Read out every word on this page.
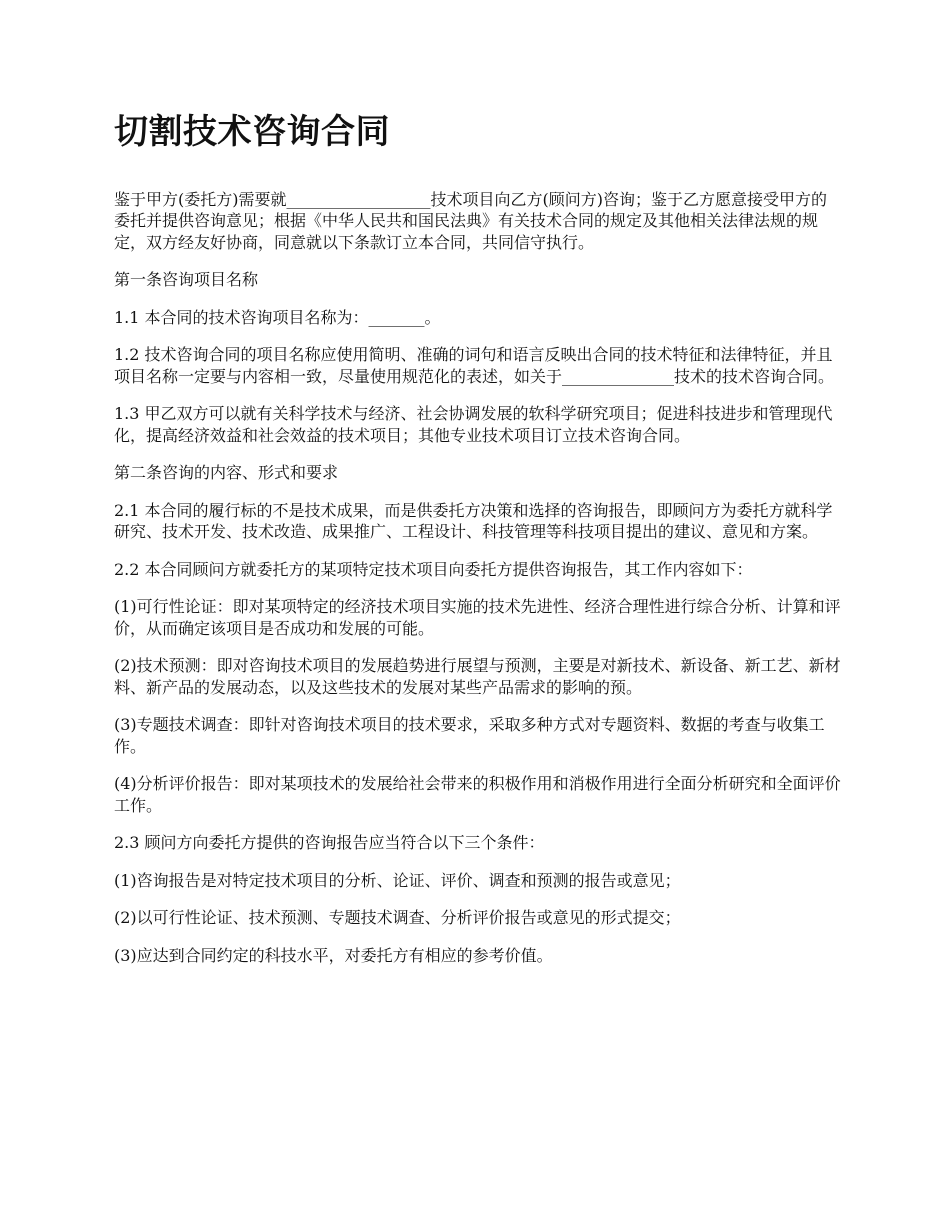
切割技术咨询合同

鉴于甲方(委托方)需要就__________________技术项目向乙方(顾问方)咨询；鉴于乙方愿意接受甲方的委托并提供咨询意见；根据《中华人民共和国民法典》有关技术合同的规定及其他相关法律法规的规定，双方经友好协商，同意就以下条款订立本合同，共同信守执行。

第一条咨询项目名称

1.1 本合同的技术咨询项目名称为：_______。

1.2 技术咨询合同的项目名称应使用简明、准确的词句和语言反映出合同的技术特征和法律特征，并且项目名称一定要与内容相一致，尽量使用规范化的表述，如关于______________技术的技术咨询合同。

1.3 甲乙双方可以就有关科学技术与经济、社会协调发展的软科学研究项目；促进科技进步和管理现代化，提高经济效益和社会效益的技术项目；其他专业技术项目订立技术咨询合同。

第二条咨询的内容、形式和要求

2.1 本合同的履行标的不是技术成果，而是供委托方决策和选择的咨询报告，即顾问方为委托方就科学研究、技术开发、技术改造、成果推广、工程设计、科技管理等科技项目提出的建议、意见和方案。

2.2 本合同顾问方就委托方的某项特定技术项目向委托方提供咨询报告，其工作内容如下：

(1)可行性论证：即对某项特定的经济技术项目实施的技术先进性、经济合理性进行综合分析、计算和评价，从而确定该项目是否成功和发展的可能。

(2)技术预测：即对咨询技术项目的发展趋势进行展望与预测，主要是对新技术、新设备、新工艺、新材料、新产品的发展动态，以及这些技术的发展对某些产品需求的影响的预。

(3)专题技术调查：即针对咨询技术项目的技术要求，采取多种方式对专题资料、数据的考查与收集工作。

(4)分析评价报告：即对某项技术的发展给社会带来的积极作用和消极作用进行全面分析研究和全面评价工作。

2.3 顾问方向委托方提供的咨询报告应当符合以下三个条件：

(1)咨询报告是对特定技术项目的分析、论证、评价、调查和预测的报告或意见；

(2)以可行性论证、技术预测、专题技术调查、分析评价报告或意见的形式提交；

(3)应达到合同约定的科技水平，对委托方有相应的参考价值。
